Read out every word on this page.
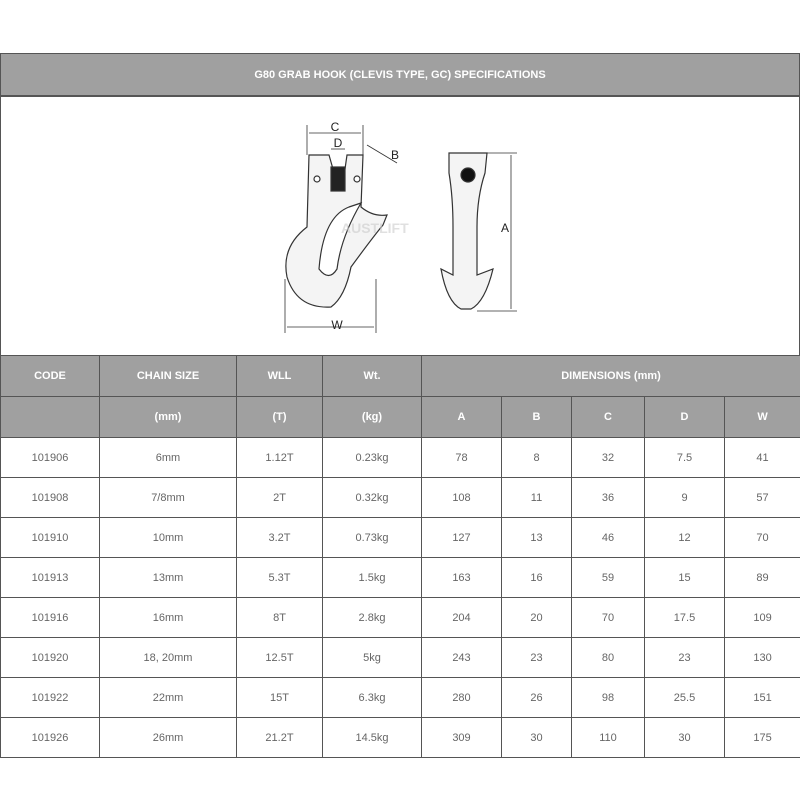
G80 GRAB HOOK (CLEVIS TYPE, GC) SPECIFICATIONS
C
D
B
A
W
AUSTLIFT
CODE	CHAIN SIZE	WLL	Wt.	DIMENSIONS (mm)				
	(mm)	(T)	(kg)	A	B	C	D	W
101906	6mm	1.12T	0.23kg	78	8	32	7.5	41
101908	7/8mm	2T	0.32kg	108	11	36	9	57
101910	10mm	3.2T	0.73kg	127	13	46	12	70
101913	13mm	5.3T	1.5kg	163	16	59	15	89
101916	16mm	8T	2.8kg	204	20	70	17.5	109
101920	18, 20mm	12.5T	5kg	243	23	80	23	130
101922	22mm	15T	6.3kg	280	26	98	25.5	151
101926	26mm	21.2T	14.5kg	309	30	110	30	175
